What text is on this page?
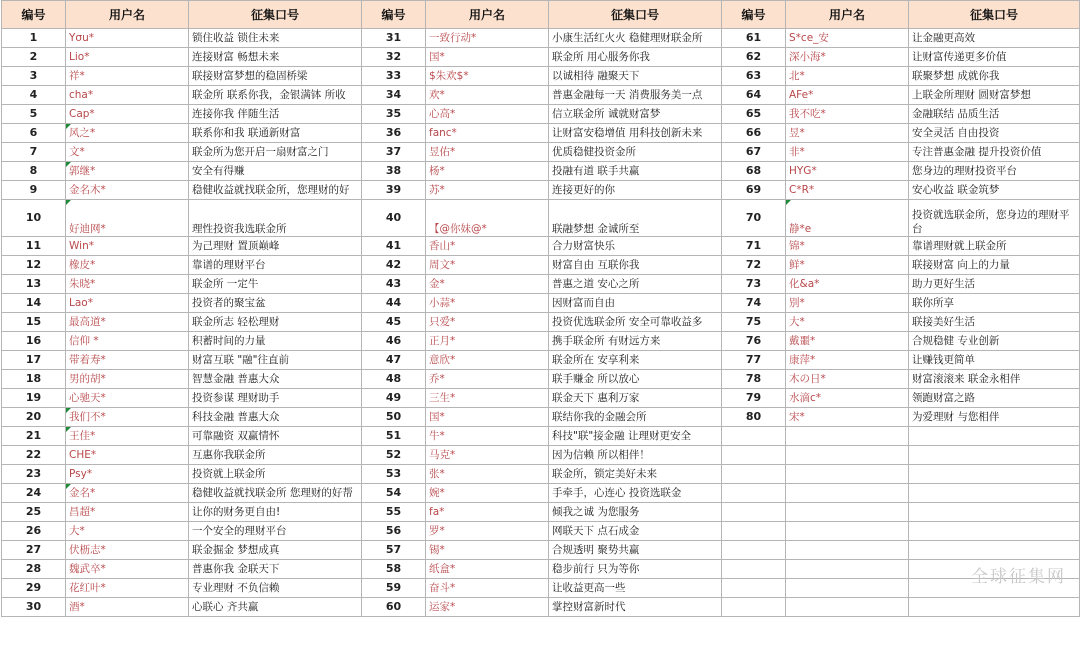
编号	用户名	征集口号	编号	用户名	征集口号	编号	用户名	征集口号
1	Yσu*	锁住收益 锁住未来	31	一致行动*	小康生活红火火 稳健理财联金所	61	S*ce_安	让金融更高效
2	Lio*	连接财富 畅想未来	32	国*	联金所 用心服务你我	62	深小海*	让财富传递更多价值
3	祥*	联接财富梦想的稳固桥梁	33	$朱欢$*	以诚相待 融聚天下	63	北*	联聚梦想 成就你我
4	cha*	联金所 联系你我，金银满钵 所收	34	欢*	普惠金融每一天 消费服务美一点	64	AFe*	上联金所理财 圆财富梦想
5	Cap*	连接你我 伴随生活	35	心高*	信立联金所 诚就财富梦	65	我不吃*	金融联结 品质生活
6	风之*	联系你和我 联通新财富	36	fanc*	让财富安稳增值 用科技创新未来	66	昱*	安全灵活 自由投资
7	文*	联金所为您开启一扇财富之门	37	昱佑*	优质稳健投资金所	67	非*	专注普惠金融 提升投资价值
8	郭继*	安全有得赚	38	杨*	投融有道 联手共赢	68	HYG*	您身边的理财投资平台
9	金名木*	稳健收益就找联金所，您理财的好	39	苏*	连接更好的你	69	C*R*	安心收益 联金筑梦
10	好迪网*	理性投资我选联金所	40	【@你妹@*	联融梦想 金诚所至	70	静*e	投资就选联金所，您身边的理财平台
11	Win*	为己理财 置顶巅峰	41	香山*	合力财富快乐	71	锦*	靠谱理财就上联金所
12	橡皮*	靠谱的理财平台	42	周文*	财富自由 互联你我	72	鲜*	联接财富 向上的力量
13	朱晓*	联金所 一定牛	43	金*	普惠之道 安心之所	73	化&a*	助力更好生活
14	Lao*	投资者的聚宝盆	44	小蒜*	因财富而自由	74	别*	联你所享
15	最高道*	联金所志 轻松理财	45	只爱*	投资优选联金所 安全可靠收益多	75	大*	联接美好生活
16	信仰 *	积蓄时间的力量	46	正月*	携手联金所 有财远方来	76	戴噩*	合规稳健 专业创新
17	带着寿*	财富互联 "融"往直前	47	意欣*	联金所在 安享利来	77	康萍*	让赚钱更简单
18	男的胡*	智慧金融 普惠大众	48	乔*	联手赚金 所以放心	78	木の日*	财富滚滚来 联金永相伴
19	心驰天*	投资参谋 理财助手	49	三生*	联金天下 惠利万家	79	水滴c*	领跑财富之路
20	我们不*	科技金融 普惠大众	50	国*	联结你我的金融会所	80	宋*	为爱理财 与您相伴
21	王佳*	可靠融资 双赢情怀	51	牛*	科技"联"接金融 让理财更安全			
22	CHE*	互惠你我联金所	52	马克*	因为信赖 所以相伴！			
23	Psy*	投资就上联金所	53	张*	联金所，锁定美好未来			
24	金名*	稳健收益就找联金所 您理财的好帮	54	婉*	手牵手，心连心 投资选联金			
25	昌超*	让你的财务更自由!	55	fa*	倾我之诚 为您服务			
26	大*	一个安全的理财平台	56	罗*	网联天下 点石成金			
27	伏枥志*	联金掘金 梦想成真	57	锡*	合规透明 聚势共赢			
28	魏武卒*	普惠你我 金联天下	58	纸盒*	稳步前行 只为等你			
29	花红叶*	专业理财 不负信赖	59	奋斗*	让收益更高一些			
30	酒*	心联心 齐共赢	60	运家*	掌控财富新时代			
全球征集网
